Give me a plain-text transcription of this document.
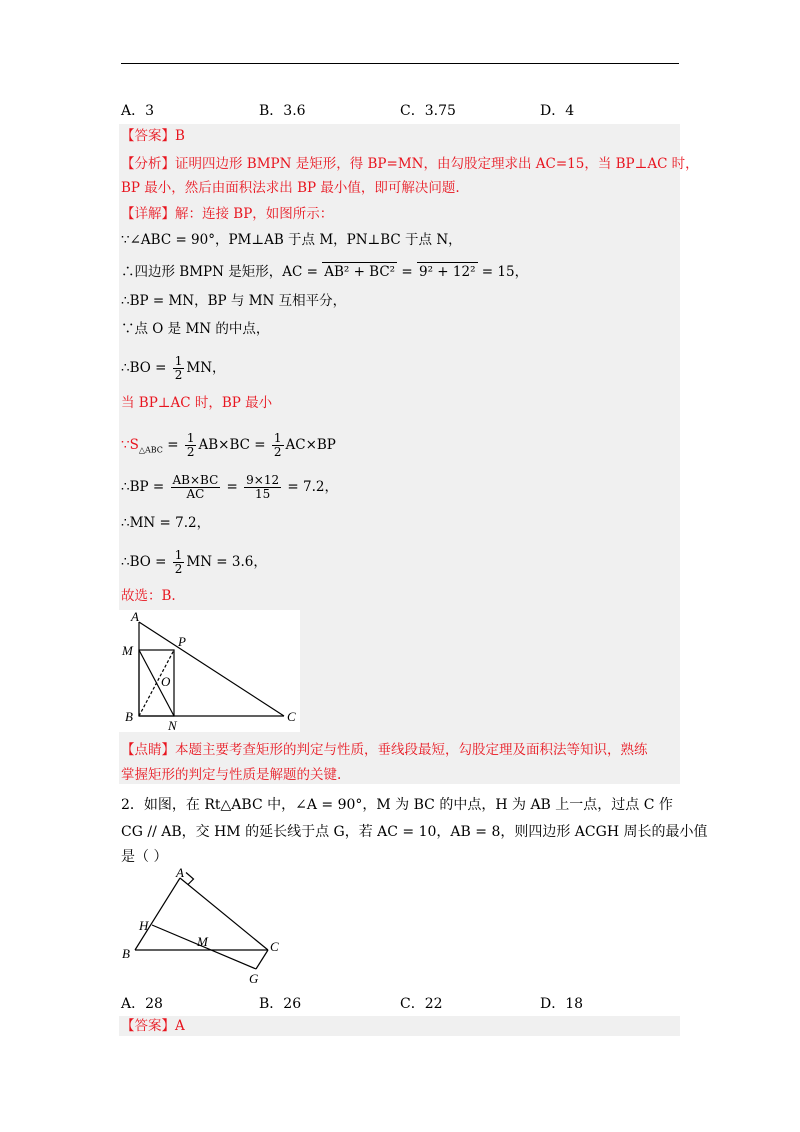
A．3	B．3.6	C．3.75	D．4
【答案】B
【分析】证明四边形 BMPN 是矩形，得 BP=MN，由勾股定理求出 AC=15，当 BP⊥AC 时，
BP 最小，然后由面积法求出 BP 最小值，即可解决问题.
【详解】解：连接 BP，如图所示：
∵∠ABC = 90°，PM⊥AB 于点 M，PN⊥BC 于点 N，
∴四边形 BMPN 是矩形，AC = AB² + BC² = 9² + 12² = 15，
∴BP = MN，BP 与 MN 互相平分，
∵点 O 是 MN 的中点，
∴BO = $\frac{1}{2}$ MN，
当 BP⊥AC 时，BP 最小
$\because S_{\triangle ABC} = \frac{1}{2} AB\times BC = \frac{1}{2} AC\times BP$
∴BP = $\frac{AB\times BC}{AC} = \frac{9\times 12}{15} = 7.2$，
∴MN = 7.2，
∴BO = $\frac{1}{2}$ MN = 3.6，
故选：B.
A
M
P
O
B
N
C
【点睛】本题主要考查矩形的判定与性质，垂线段最短，勾股定理及面积法等知识，熟练
掌握矩形的判定与性质是解题的关键.
2．如图，在 Rt△ABC 中，∠A = 90°，M 为 BC 的中点，H 为 AB 上一点，过点 C 作
CG // AB，交 HM 的延长线于点 G，若 AC = 10，AB = 8，则四边形 ACGH 周长的最小值
是（ ）
A
H
M	C
B
G
A．28	B．26	C．22	D．18
【答案】A
